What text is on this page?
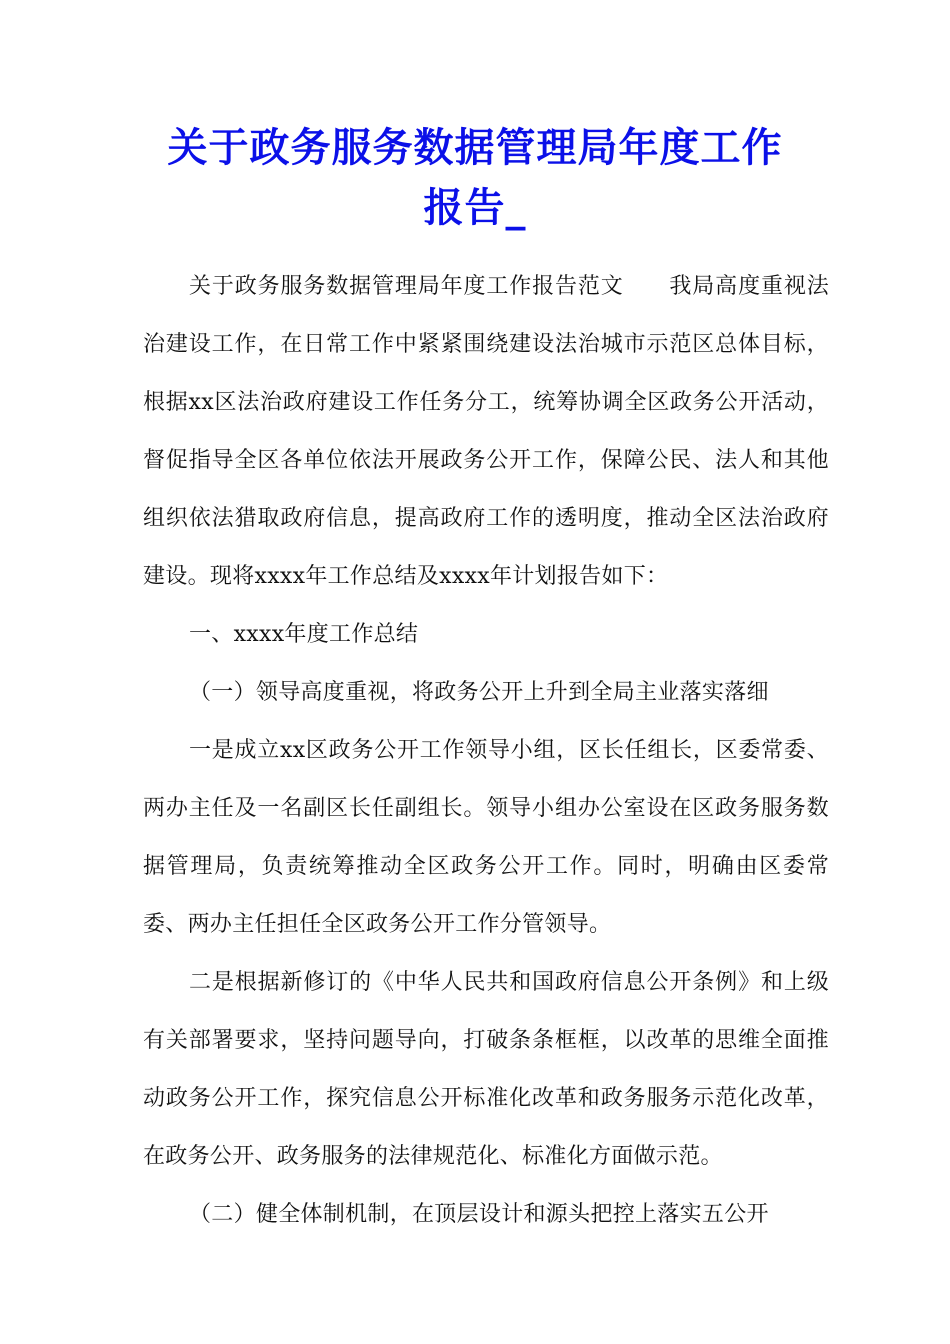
关于政务服务数据管理局年度工作
报告_

关于政务服务数据管理局年度工作报告范文　　我局高度重视法治建设工作，在日常工作中紧紧围绕建设法治城市示范区总体目标，根据xx区法治政府建设工作任务分工，统筹协调全区政务公开活动，督促指导全区各单位依法开展政务公开工作，保障公民、法人和其他组织依法猎取政府信息，提高政府工作的透明度，推动全区法治政府建设。现将xxxx年工作总结及xxxx年计划报告如下：

一、xxxx年度工作总结

（一）领导高度重视，将政务公开上升到全局主业落实落细

一是成立xx区政务公开工作领导小组，区长任组长，区委常委、两办主任及一名副区长任副组长。领导小组办公室设在区政务服务数据管理局，负责统筹推动全区政务公开工作。同时，明确由区委常委、两办主任担任全区政务公开工作分管领导。

二是根据新修订的《中华人民共和国政府信息公开条例》和上级有关部署要求，坚持问题导向，打破条条框框，以改革的思维全面推动政务公开工作，探究信息公开标准化改革和政务服务示范化改革，在政务公开、政务服务的法律规范化、标准化方面做示范。

（二）健全体制机制，在顶层设计和源头把控上落实五公开
